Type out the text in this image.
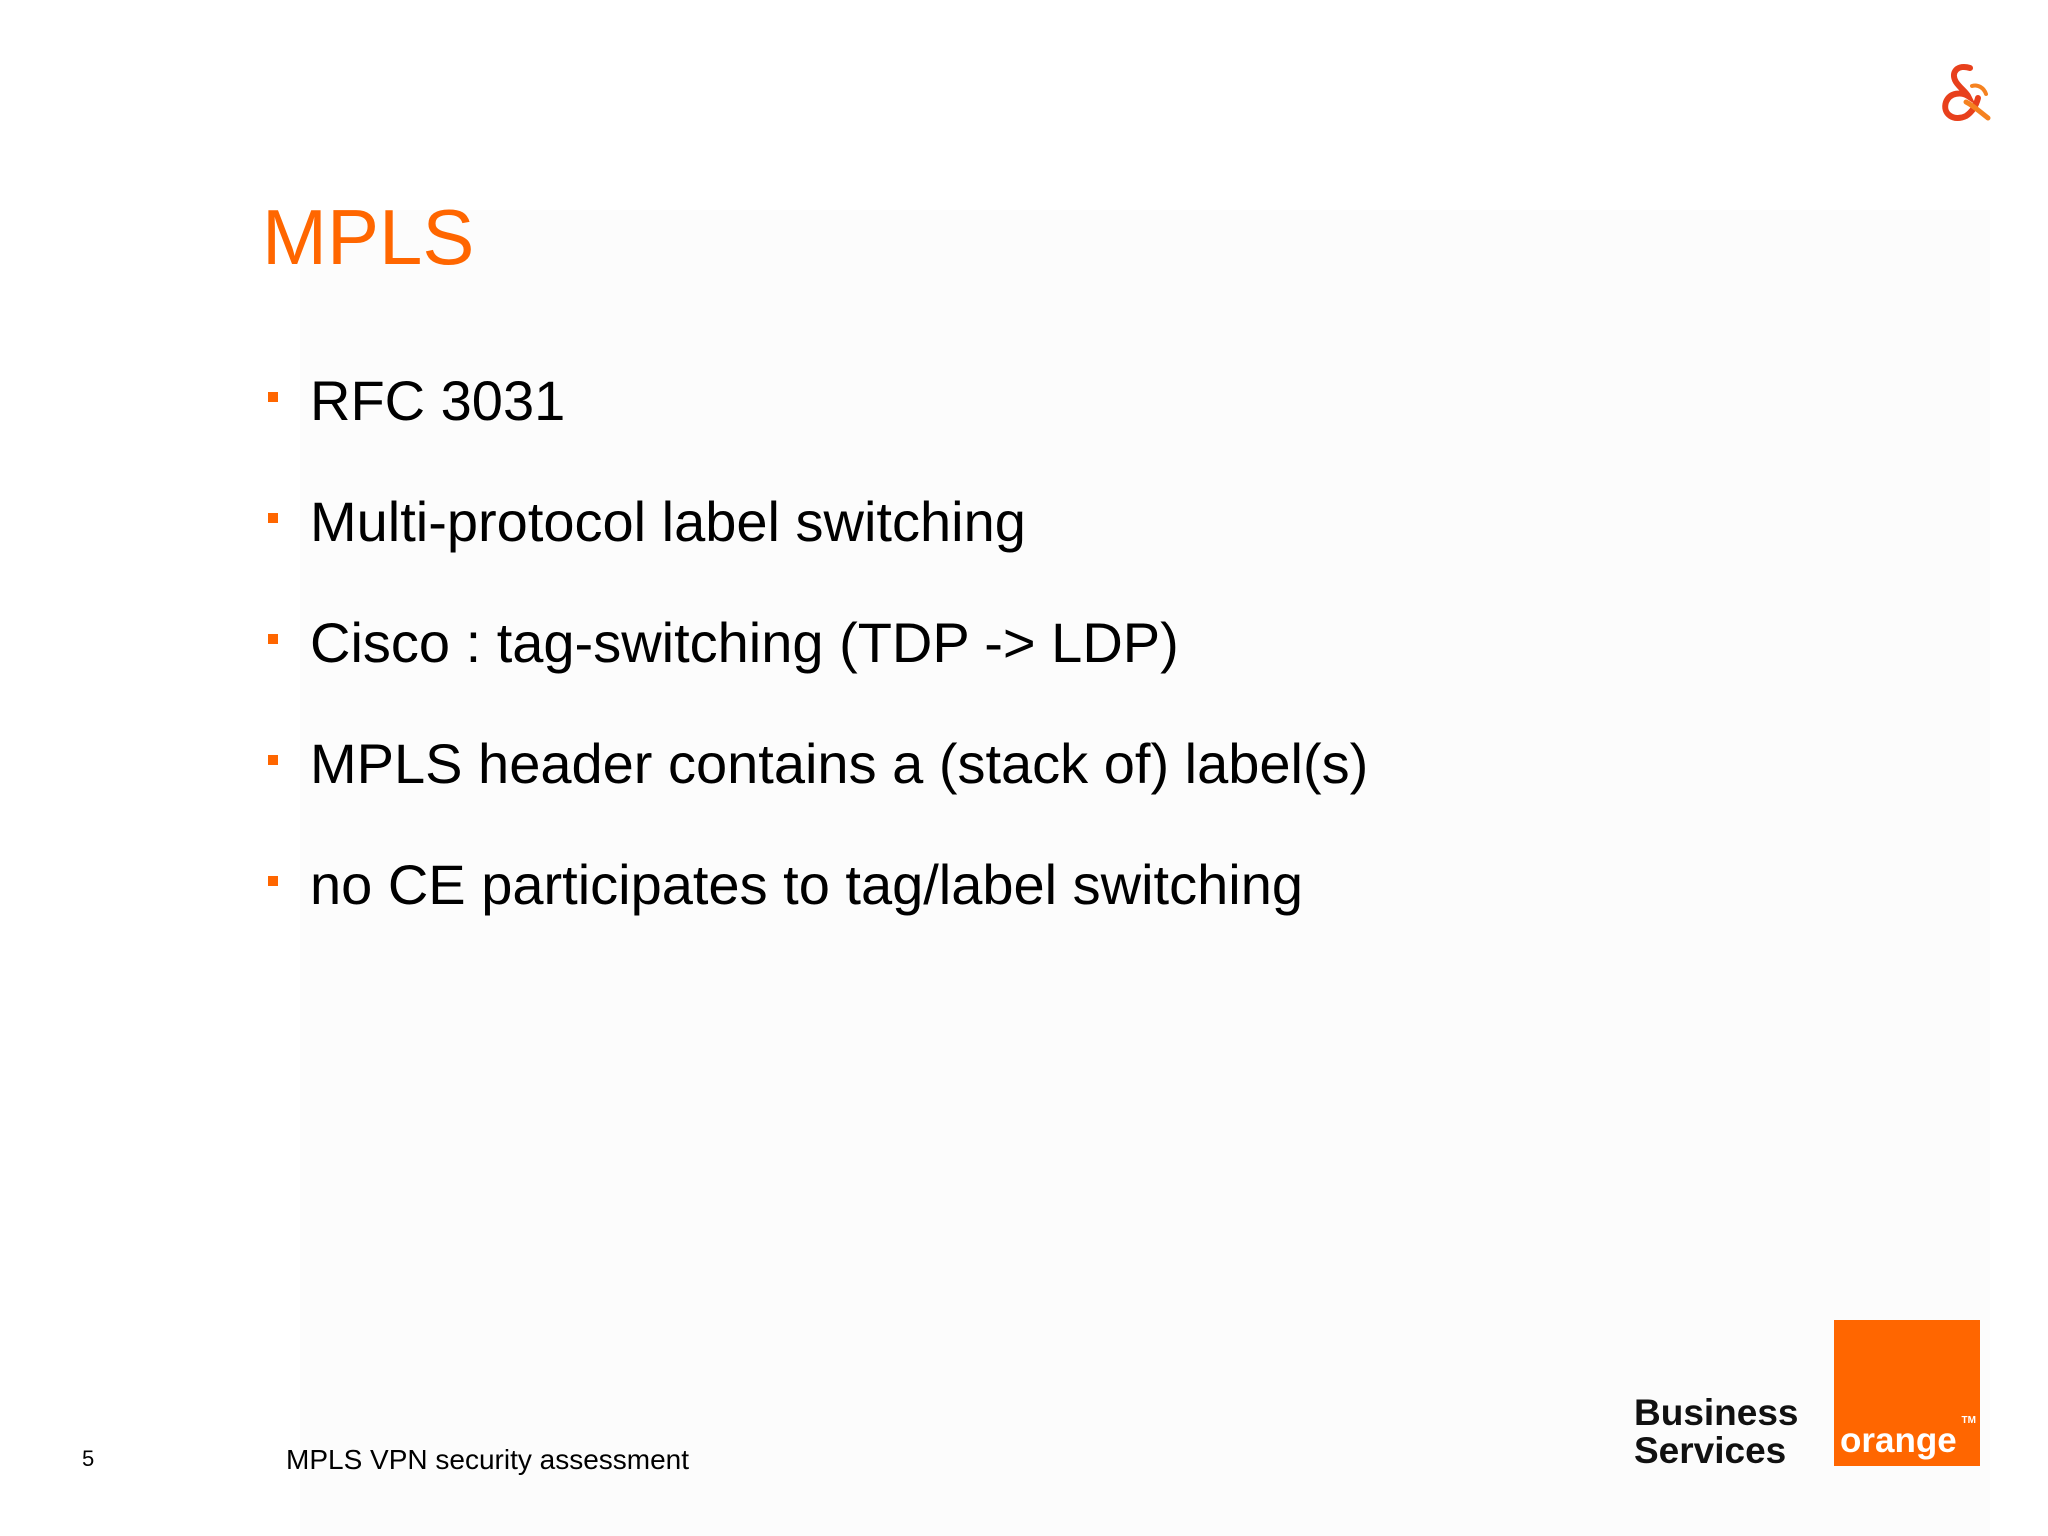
MPLS
RFC 3031
Multi-protocol label switching
Cisco : tag-switching (TDP -> LDP)
MPLS header contains a (stack of) label(s)
no CE participates to tag/label switching
5	MPLS VPN security assessment
Business
Services	orange
TM
